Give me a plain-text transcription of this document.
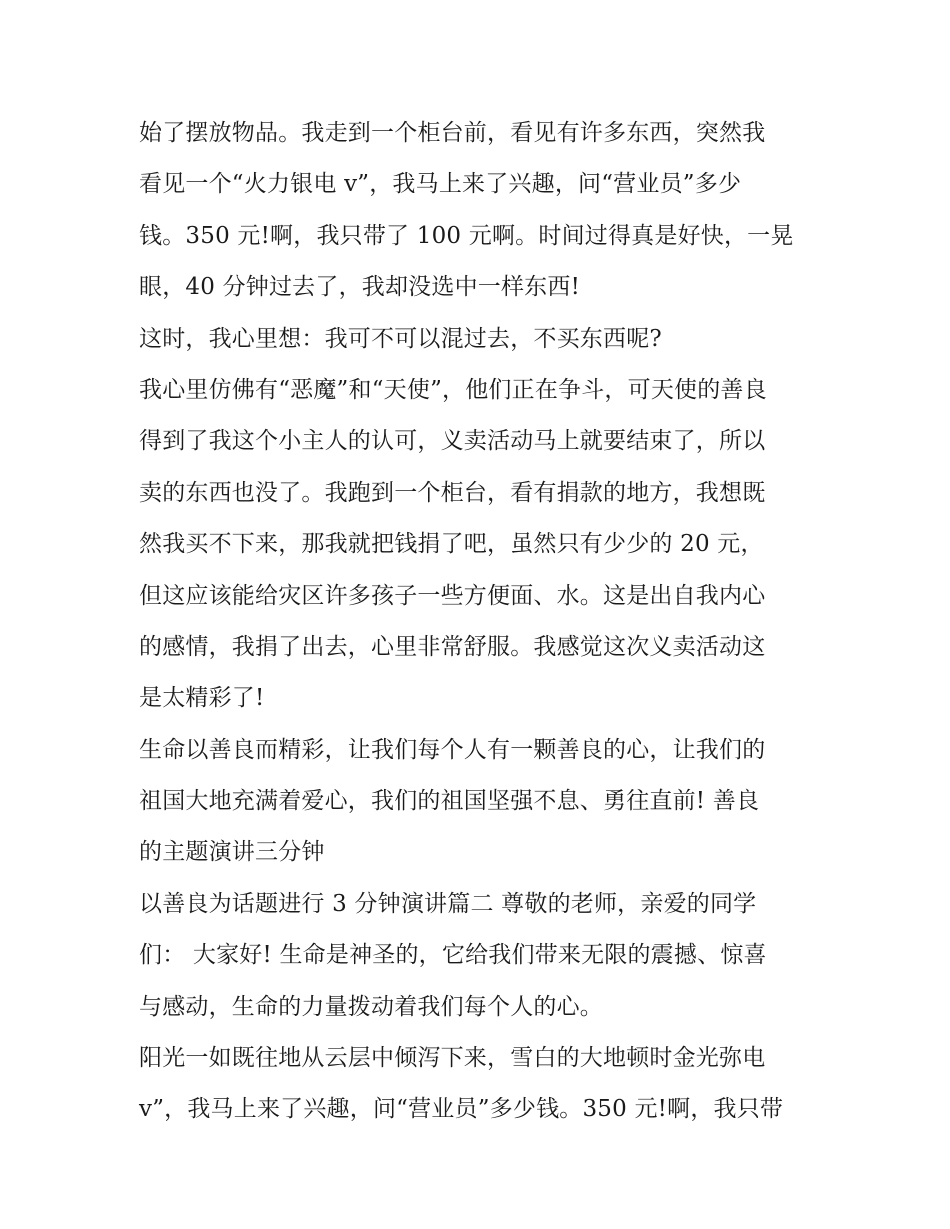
始了摆放物品。我走到一个柜台前，看见有许多东西，突然我
看见一个“火力银电 v”，我马上来了兴趣，问“营业员”多少
钱。350 元!啊，我只带了 100 元啊。时间过得真是好快，一晃
眼，40 分钟过去了，我却没选中一样东西!
这时，我心里想：我可不可以混过去，不买东西呢?
我心里仿佛有“恶魔”和“天使”，他们正在争斗，可天使的善良
得到了我这个小主人的认可，义卖活动马上就要结束了，所以
卖的东西也没了。我跑到一个柜台，看有捐款的地方，我想既
然我买不下来，那我就把钱捐了吧，虽然只有少少的 20 元，
但这应该能给灾区许多孩子一些方便面、水。这是出自我内心
的感情，我捐了出去，心里非常舒服。我感觉这次义卖活动这
是太精彩了!
生命以善良而精彩，让我们每个人有一颗善良的心，让我们的
祖国大地充满着爱心，我们的祖国坚强不息、勇往直前! 善良
的主题演讲三分钟
以善良为话题进行 3 分钟演讲篇二 尊敬的老师，亲爱的同学
们： 大家好! 生命是神圣的，它给我们带来无限的震撼、惊喜
与感动，生命的力量拨动着我们每个人的心。
阳光一如既往地从云层中倾泻下来，雪白的大地顿时金光弥电
v”，我马上来了兴趣，问“营业员”多少钱。350 元!啊，我只带
